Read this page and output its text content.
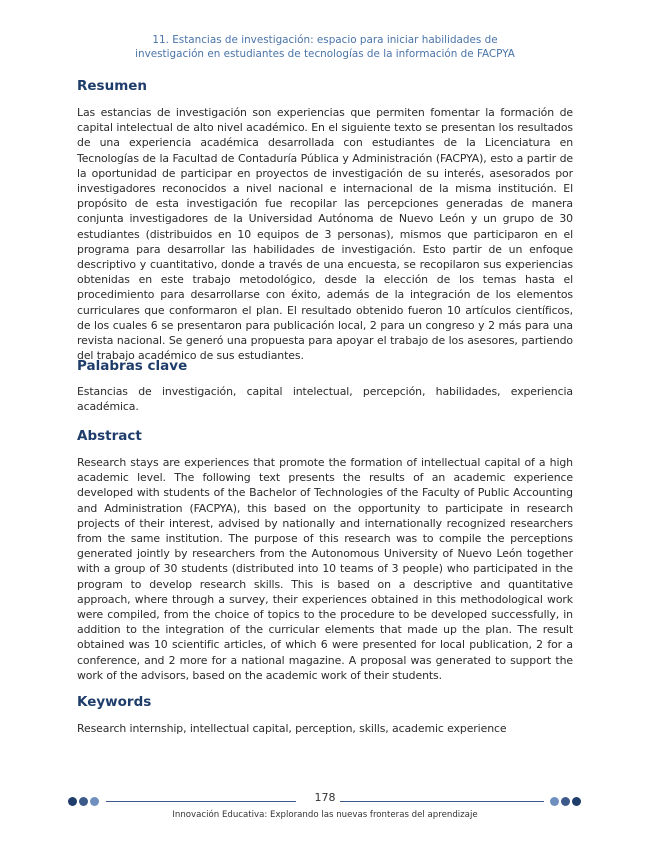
11. Estancias de investigación: espacio para iniciar habilidades de
investigación en estudiantes de tecnologías de la información de FACPYA
Resumen

Las estancias de investigación son experiencias que permiten fomentar la formación de capital intelectual de alto nivel académico. En el siguiente texto se presentan los resultados de una experiencia académica desarrollada con estudiantes de la Licenciatura en Tecnologías de la Facultad de Contaduría Pública y Administración (FACPYA), esto a partir de la oportunidad de participar en proyectos de investigación de su interés, asesorados por investigadores reconocidos a nivel nacional e internacional de la misma institución. El propósito de esta investigación fue recopilar las percepciones generadas de manera conjunta investigadores de la Universidad Autónoma de Nuevo León y un grupo de 30 estudiantes (distribuidos en 10 equipos de 3 personas), mismos que participaron en el programa para desarrollar las habilidades de investigación. Esto partir de un enfoque descriptivo y cuantitativo, donde a través de una encuesta, se recopilaron sus experiencias obtenidas en este trabajo metodológico, desde la elección de los temas hasta el procedimiento para desarrollarse con éxito, además de la integración de los elementos curriculares que conformaron el plan. El resultado obtenido fueron 10 artículos científicos, de los cuales 6 se presentaron para publicación local, 2 para un congreso y 2 más para una revista nacional. Se generó una propuesta para apoyar el trabajo de los asesores, partiendo del trabajo académico de sus estudiantes.

Palabras clave

Estancias de investigación, capital intelectual, percepción, habilidades, experiencia académica.

Abstract

Research stays are experiences that promote the formation of intellectual capital of a high academic level. The following text presents the results of an academic experience developed with students of the Bachelor of Technologies of the Faculty of Public Accounting and Administration (FACPYA), this based on the opportunity to participate in research projects of their interest, advised by nationally and internationally recognized researchers from the same institution. The purpose of this research was to compile the perceptions generated jointly by researchers from the Autonomous University of Nuevo León together with a group of 30 students (distributed into 10 teams of 3 people) who participated in the program to develop research skills. This is based on a descriptive and quantitative approach, where through a survey, their experiences obtained in this methodological work were compiled, from the choice of topics to the procedure to be developed successfully, in addition to the integration of the curricular elements that made up the plan. The result obtained was 10 scientific articles, of which 6 were presented for local publication, 2 for a conference, and 2 more for a national magazine. A proposal was generated to support the work of the advisors, based on the academic work of their students.

Keywords

Research internship, intellectual capital, perception, skills, academic experience

178
Innovación Educativa: Explorando las nuevas fronteras del aprendizaje
